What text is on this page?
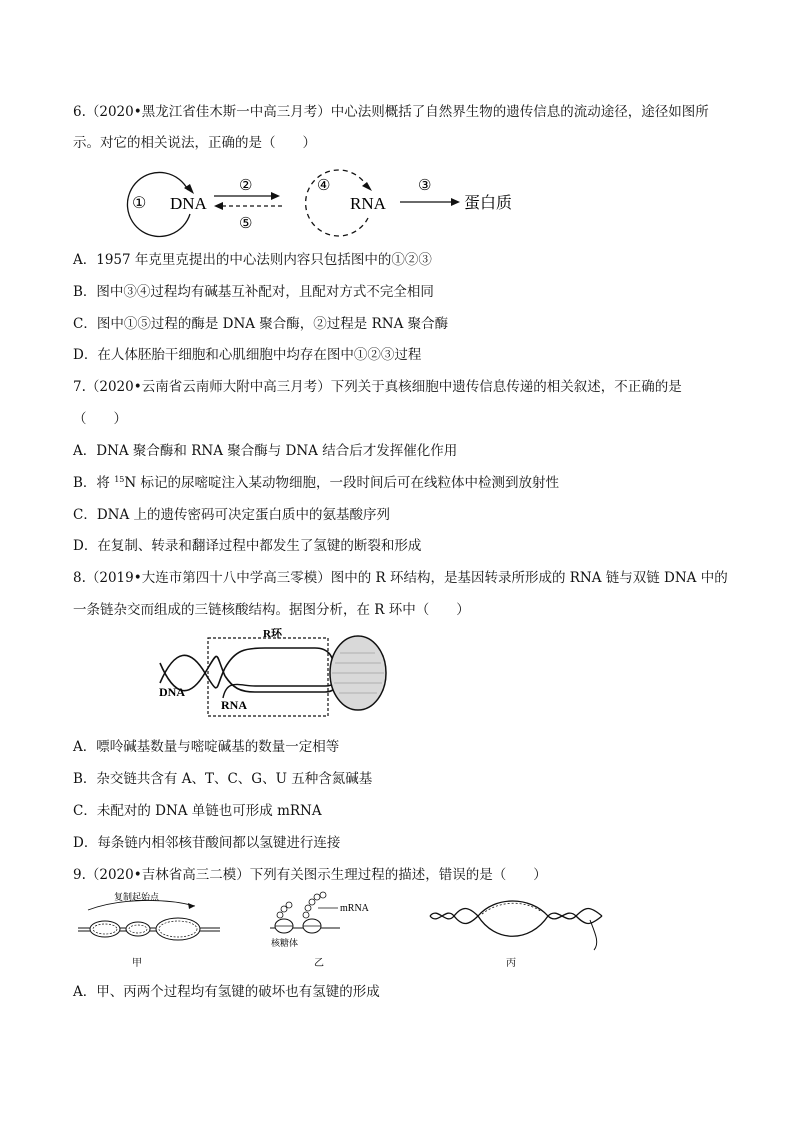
6.（2020•黑龙江省佳木斯一中高三月考）中心法则概括了自然界生物的遗传信息的流动途径，途径如图所
示。对它的相关说法，正确的是（　　）
① DNA
②
⑤
④
RNA
③
蛋白质
A．1957 年克里克提出的中心法则内容只包括图中的①②③
B．图中③④过程均有碱基互补配对，且配对方式不完全相同
C．图中①⑤过程的酶是 DNA 聚合酶，②过程是 RNA 聚合酶
D．在人体胚胎干细胞和心肌细胞中均存在图中①②③过程
7.（2020•云南省云南师大附中高三月考）下列关于真核细胞中遗传信息传递的相关叙述，不正确的是
（　　）
A．DNA 聚合酶和 RNA 聚合酶与 DNA 结合后才发挥催化作用
B．将 $^{15}$N 标记的尿嘧啶注入某动物细胞，一段时间后可在线粒体中检测到放射性
C．DNA 上的遗传密码可决定蛋白质中的氨基酸序列
D．在复制、转录和翻译过程中都发生了氢键的断裂和形成
8.（2019•大连市第四十八中学高三零模）图中的 R 环结构，是基因转录所形成的 RNA 链与双链 DNA 中的
一条链杂交而组成的三链核酸结构。据图分析，在 R 环中（　　）
R环
DNA
RNA
A．嘌呤碱基数量与嘧啶碱基的数量一定相等
B．杂交链共含有 A、T、C、G、U 五种含氮碱基
C．未配对的 DNA 单链也可形成 mRNA
D．每条链内相邻核苷酸间都以氢键进行连接
9.（2020•吉林省高三二模）下列有关图示生理过程的描述，错误的是（　　）
复制起始点
甲
mRNA
核糖体
乙	丙
A．甲、丙两个过程均有氢键的破坏也有氢键的形成
